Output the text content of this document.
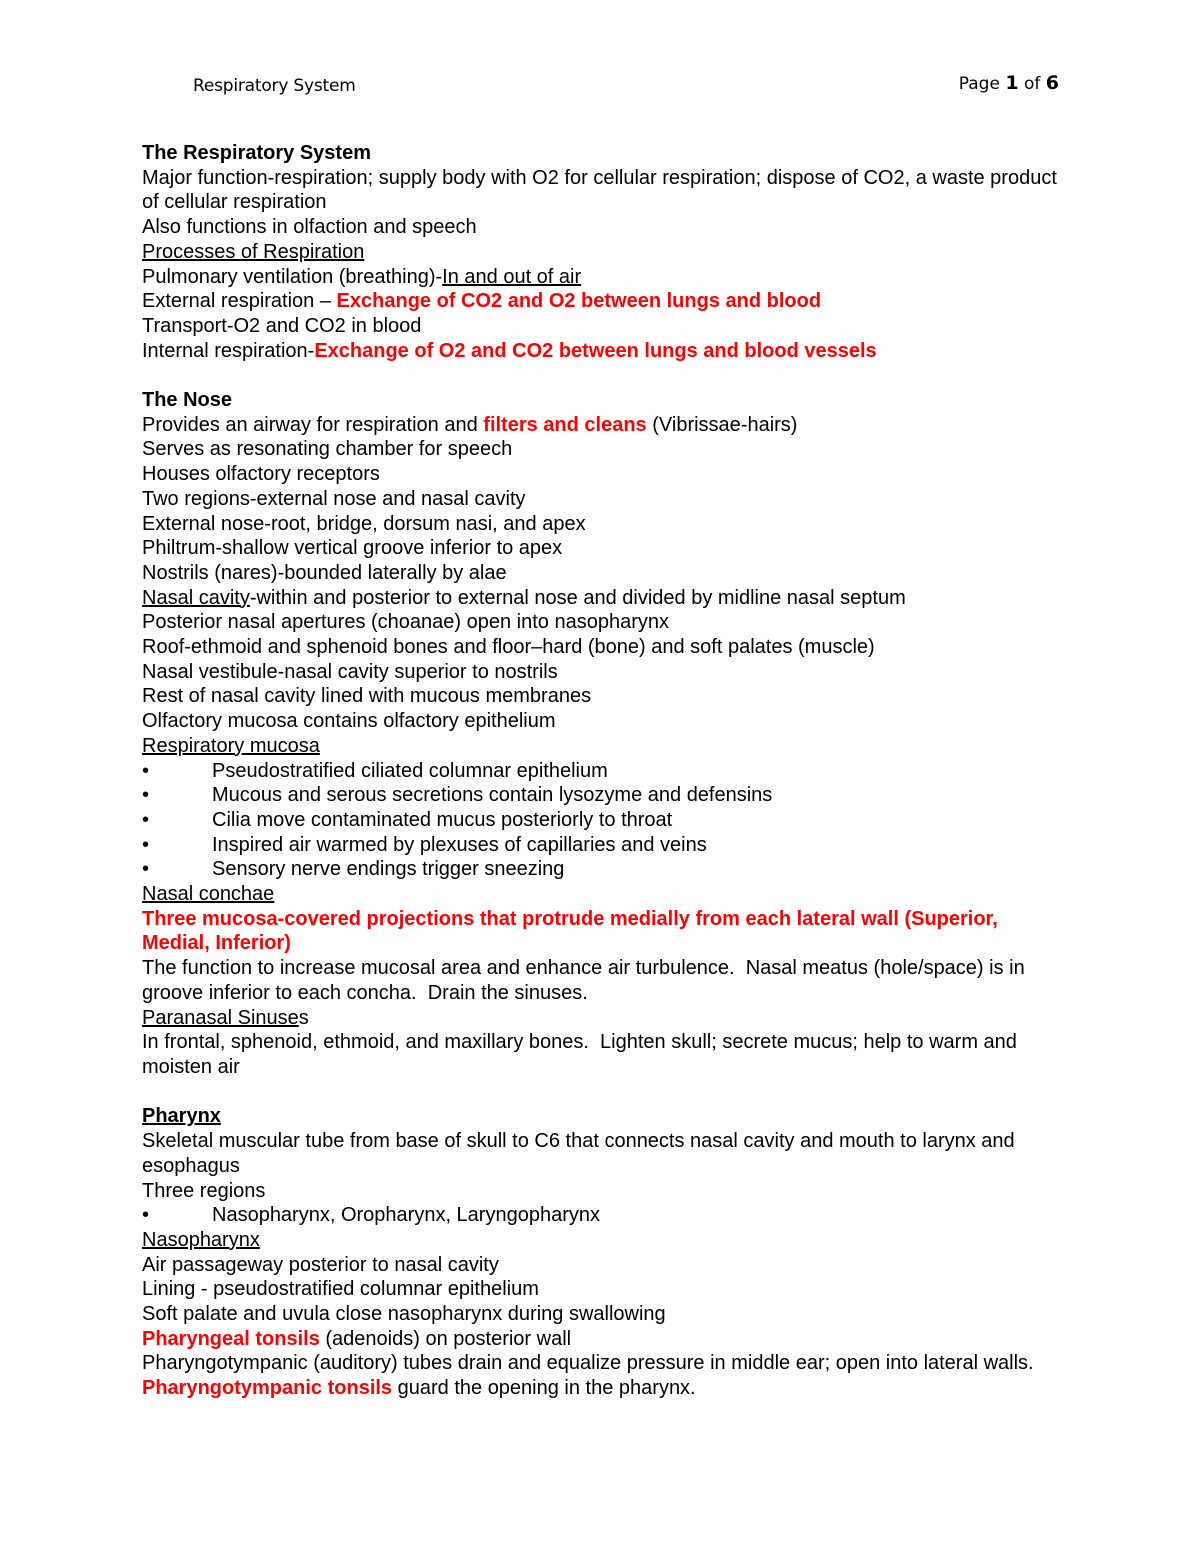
Respiratory System	Page 1 of 6

The Respiratory System

Major function-respiration; supply body with O2 for cellular respiration; dispose of CO2, a waste product of cellular respiration

Also functions in olfaction and speech

Processes of Respiration

Pulmonary ventilation (breathing)-In and out of air

External respiration – Exchange of CO2 and O2 between lungs and blood

Transport-O2 and CO2 in blood

Internal respiration-Exchange of O2 and CO2 between lungs and blood vessels

The Nose

Provides an airway for respiration and filters and cleans (Vibrissae-hairs)

Serves as resonating chamber for speech

Houses olfactory receptors

Two regions-external nose and nasal cavity

External nose-root, bridge, dorsum nasi, and apex

Philtrum-shallow vertical groove inferior to apex

Nostrils (nares)-bounded laterally by alae

Nasal cavity-within and posterior to external nose and divided by midline nasal septum

Posterior nasal apertures (choanae) open into nasopharynx

Roof-ethmoid and sphenoid bones and floor–hard (bone) and soft palates (muscle)

Nasal vestibule-nasal cavity superior to nostrils

Rest of nasal cavity lined with mucous membranes

Olfactory mucosa contains olfactory epithelium

Respiratory mucosa

•	Pseudostratified ciliated columnar epithelium
•	Mucous and serous secretions contain lysozyme and defensins
•	Cilia move contaminated mucus posteriorly to throat
•	Inspired air warmed by plexuses of capillaries and veins
•	Sensory nerve endings trigger sneezing

Nasal conchae

Three mucosa-covered projections that protrude medially from each lateral wall (Superior, Medial, Inferior)

The function to increase mucosal area and enhance air turbulence.  Nasal meatus (hole/space) is in groove inferior to each concha.  Drain the sinuses.

Paranasal Sinuses

In frontal, sphenoid, ethmoid, and maxillary bones.  Lighten skull; secrete mucus; help to warm and moisten air

Pharynx

Skeletal muscular tube from base of skull to C6 that connects nasal cavity and mouth to larynx and esophagus

Three regions

•	Nasopharynx, Oropharynx, Laryngopharynx

Nasopharynx

Air passageway posterior to nasal cavity

Lining - pseudostratified columnar epithelium

Soft palate and uvula close nasopharynx during swallowing

Pharyngeal tonsils (adenoids) on posterior wall

Pharyngotympanic (auditory) tubes drain and equalize pressure in middle ear; open into lateral walls.  Pharyngotympanic tonsils guard the opening in the pharynx.
